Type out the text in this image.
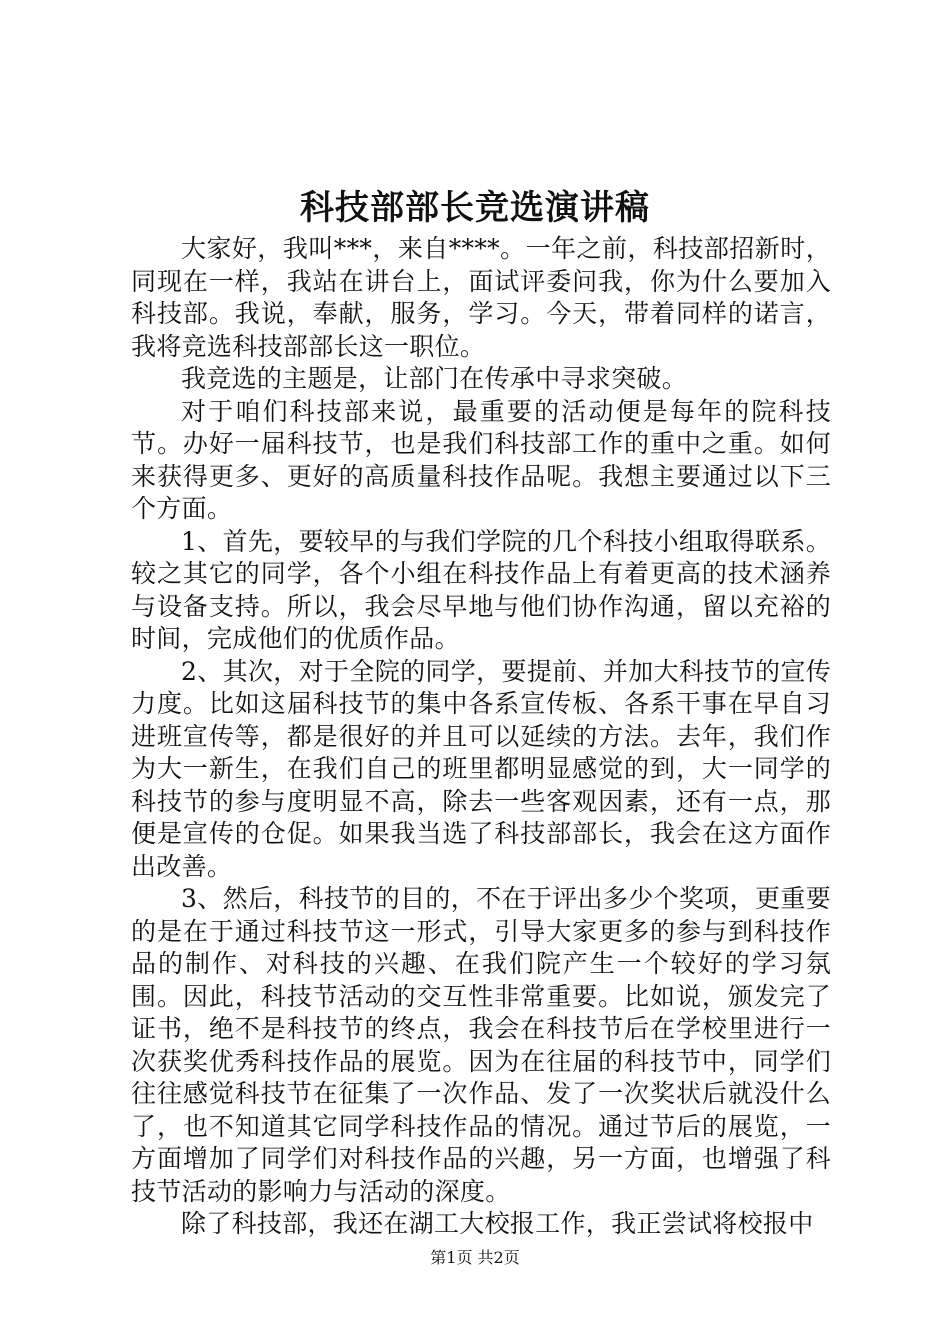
科技部部长竞选演讲稿

大家好，我叫***，来自****。一年之前，科技部招新时，同现在一样，我站在讲台上，面试评委问我，你为什么要加入科技部。我说，奉献，服务，学习。今天，带着同样的诺言，我将竞选科技部部长这一职位。

我竞选的主题是，让部门在传承中寻求突破。

对于咱们科技部来说，最重要的活动便是每年的院科技节。办好一届科技节，也是我们科技部工作的重中之重。如何来获得更多、更好的高质量科技作品呢。我想主要通过以下三个方面。

1、首先，要较早的与我们学院的几个科技小组取得联系。较之其它的同学，各个小组在科技作品上有着更高的技术涵养与设备支持。所以，我会尽早地与他们协作沟通，留以充裕的时间，完成他们的优质作品。

2、其次，对于全院的同学，要提前、并加大科技节的宣传力度。比如这届科技节的集中各系宣传板、各系干事在早自习进班宣传等，都是很好的并且可以延续的方法。去年，我们作为大一新生，在我们自己的班里都明显感觉的到，大一同学的科技节的参与度明显不高，除去一些客观因素，还有一点，那便是宣传的仓促。如果我当选了科技部部长，我会在这方面作出改善。

3、然后，科技节的目的，不在于评出多少个奖项，更重要的是在于通过科技节这一形式，引导大家更多的参与到科技作品的制作、对科技的兴趣、在我们院产生一个较好的学习氛围。因此，科技节活动的交互性非常重要。比如说，颁发完了证书，绝不是科技节的终点，我会在科技节后在学校里进行一次获奖优秀科技作品的展览。因为在往届的科技节中，同学们往往感觉科技节在征集了一次作品、发了一次奖状后就没什么了，也不知道其它同学科技作品的情况。通过节后的展览，一方面增加了同学们对科技作品的兴趣，另一方面，也增强了科技节活动的影响力与活动的深度。

除了科技部，我还在湖工大校报工作，我正尝试将校报中

第1页 共2页
